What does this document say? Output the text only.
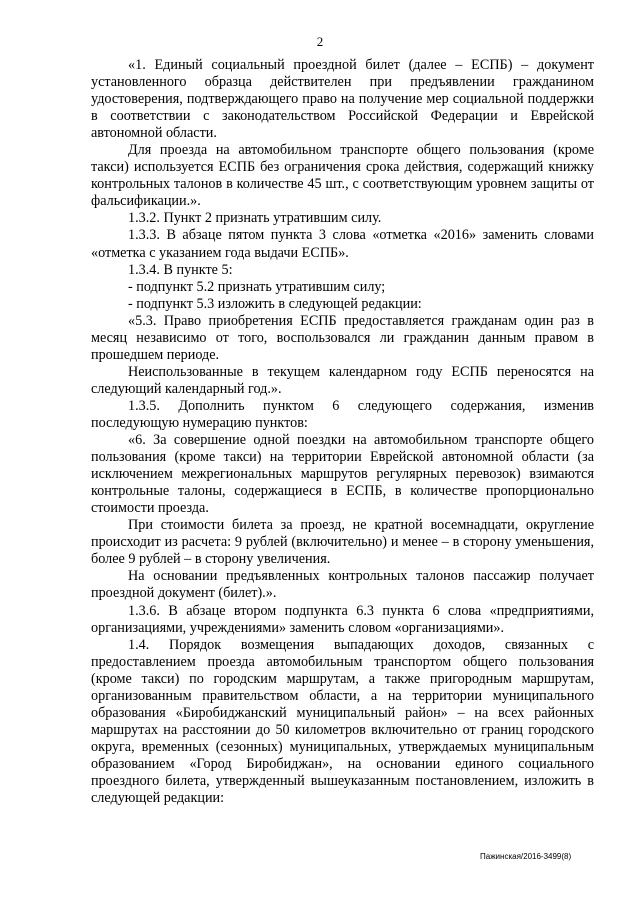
2

«1. Единый социальный проездной билет (далее – ЕСПБ) – документ установленного образца действителен при предъявлении гражданином удостоверения, подтверждающего право на получение мер социальной поддержки в соответствии с законодательством Российской Федерации и Еврейской автономной области.

Для проезда на автомобильном транспорте общего пользования (кроме такси) используется ЕСПБ без ограничения срока действия, содержащий книжку контрольных талонов в количестве 45 шт., с соответствующим уровнем защиты от фальсификации.».

1.3.2. Пункт 2 признать утратившим силу.

1.3.3. В абзаце пятом пункта 3 слова «отметка «2016» заменить словами «отметка с указанием года выдачи ЕСПБ».

1.3.4. В пункте 5:

- подпункт 5.2 признать утратившим силу;

- подпункт 5.3 изложить в следующей редакции:

«5.3. Право приобретения ЕСПБ предоставляется гражданам один раз в месяц независимо от того, воспользовался ли гражданин данным правом в прошедшем периоде.

Неиспользованные в текущем календарном году ЕСПБ переносятся на следующий календарный год.».

1.3.5. Дополнить пунктом 6 следующего содержания, изменив последующую нумерацию пунктов:

«6. За совершение одной поездки на автомобильном транспорте общего пользования (кроме такси) на территории Еврейской автономной области (за исключением межрегиональных маршрутов регулярных перевозок) взимаются контрольные талоны, содержащиеся в ЕСПБ, в количестве пропорционально стоимости проезда.

При стоимости билета за проезд, не кратной восемнадцати, округление происходит из расчета: 9 рублей (включительно) и менее – в сторону уменьшения, более 9 рублей – в сторону увеличения.

На основании предъявленных контрольных талонов пассажир получает проездной документ (билет).».

1.3.6. В абзаце втором подпункта 6.3 пункта 6 слова «предприятиями, организациями, учреждениями» заменить словом «организациями».

1.4. Порядок возмещения выпадающих доходов, связанных с предоставлением проезда автомобильным транспортом общего пользования (кроме такси) по городским маршрутам, а также пригородным маршрутам, организованным правительством области, а на территории муниципального образования «Биробиджанский муниципальный район» – на всех районных маршрутах на расстоянии до 50 километров включительно от границ городского округа, временных (сезонных) муниципальных, утверждаемых муниципальным образованием «Город Биробиджан», на основании единого социального проездного билета, утвержденный вышеуказанным постановлением, изложить в следующей редакции:

Пажинская/2016-3499(8)
